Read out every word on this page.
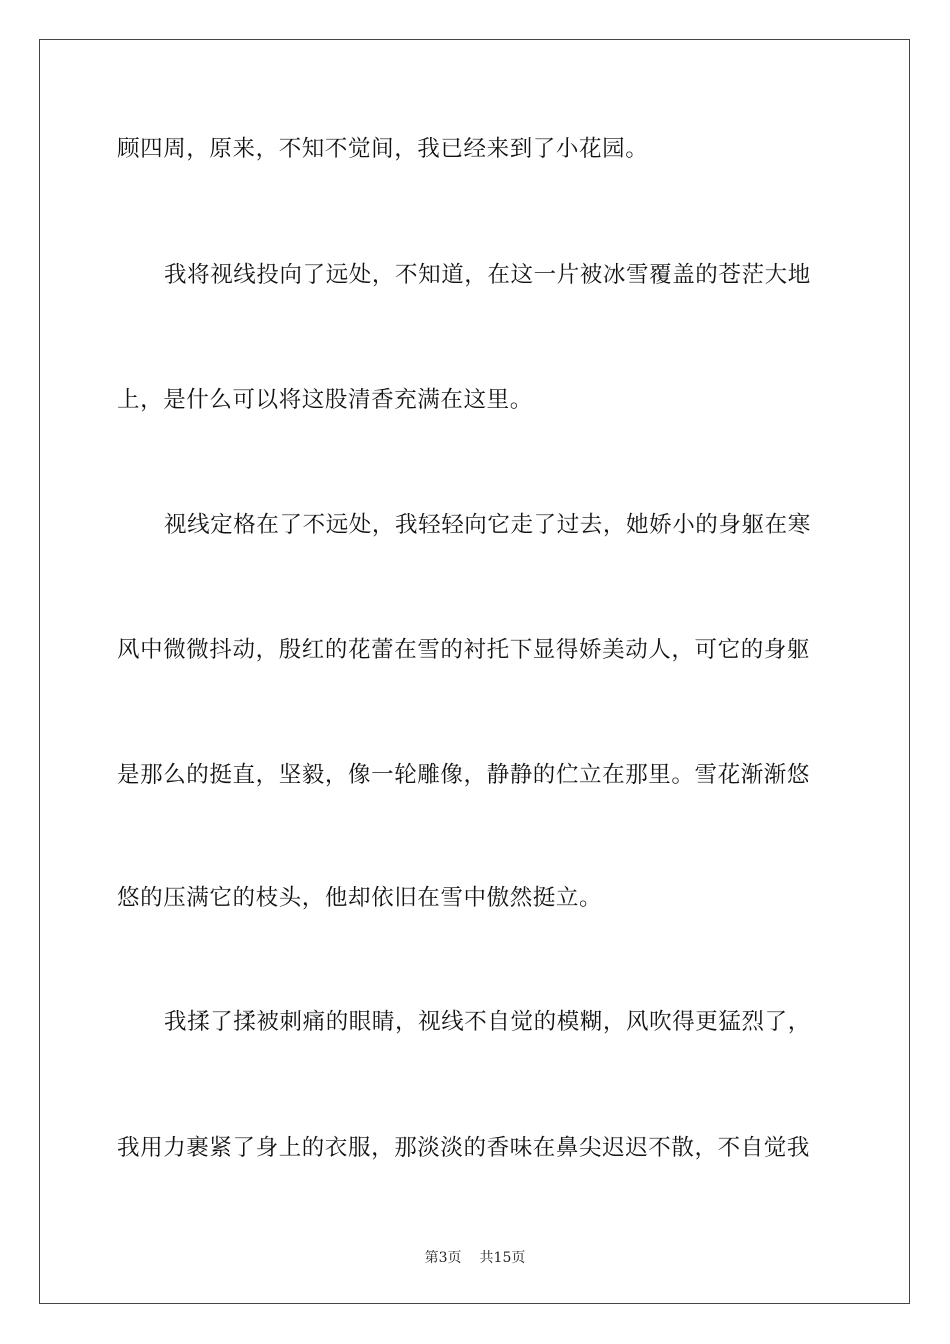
顾四周，原来，不知不觉间，我已经来到了小花园。
我将视线投向了远处，不知道，在这一片被冰雪覆盖的苍茫大地
上，是什么可以将这股清香充满在这里。
视线定格在了不远处，我轻轻向它走了过去，她娇小的身躯在寒
风中微微抖动，殷红的花蕾在雪的衬托下显得娇美动人，可它的身躯
是那么的挺直，坚毅，像一轮雕像，静静的伫立在那里。雪花渐渐悠
悠的压满它的枝头，他却依旧在雪中傲然挺立。
我揉了揉被刺痛的眼睛，视线不自觉的模糊，风吹得更猛烈了，
我用力裹紧了身上的衣服，那淡淡的香味在鼻尖迟迟不散，不自觉我
第3页 共15页
